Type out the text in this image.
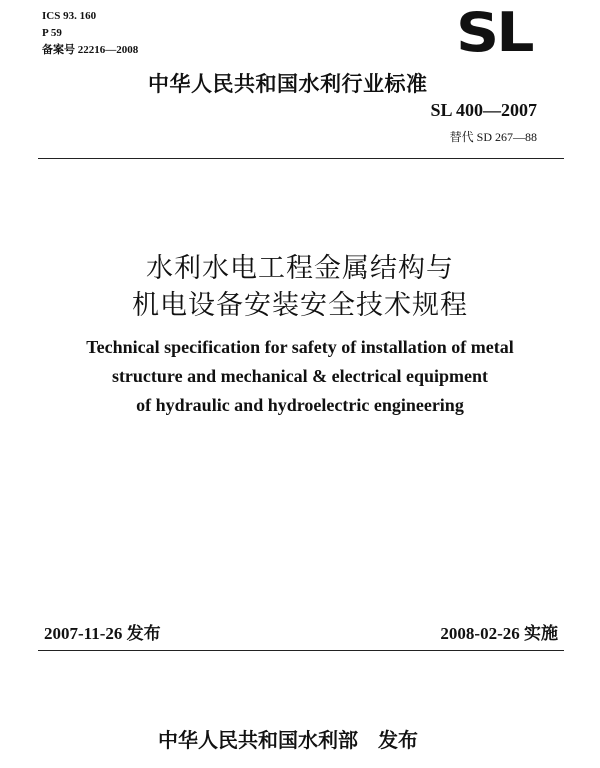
ICS 93. 160
P 59
备案号 22216—2008	SL
中华人民共和国水利行业标准
SL 400—2007
替代 SD 267—88
水利水电工程金属结构与
机电设备安装安全技术规程
Technical specification for safety of installation of metal
structure and mechanical & electrical equipment
of hydraulic and hydroelectric engineering
2007-11-26 发布	2008-02-26 实施
中华人民共和国水利部　发布
